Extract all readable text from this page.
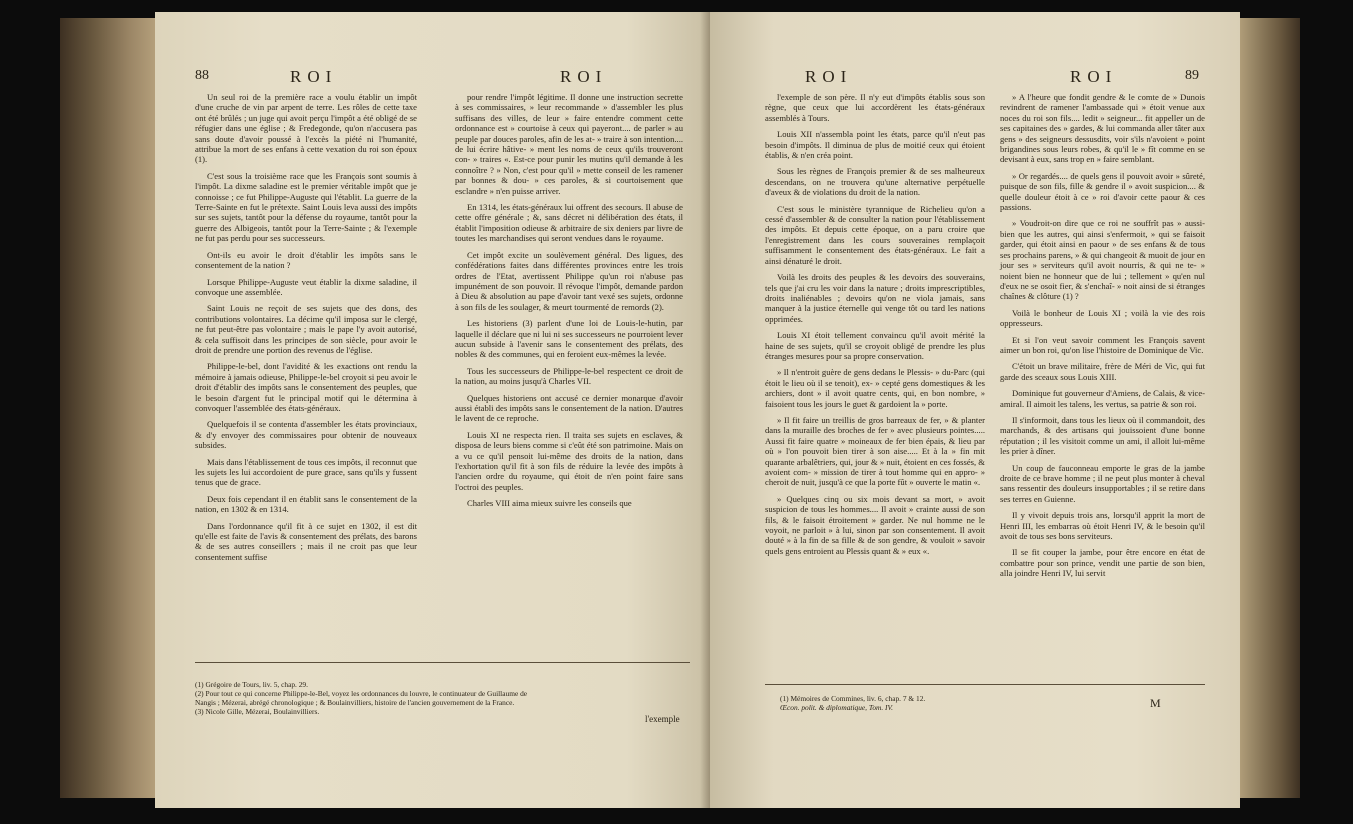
88	ROI	ROI

Un seul roi de la première race a voulu établir un impôt d'une cruche de vin par arpent de terre. Les rôles de cette taxe ont été brûlés ; un juge qui avoit perçu l'impôt a été obligé de se réfugier dans une église ; & Fredegonde, qu'on n'accusera pas sans doute d'avoir poussé à l'excès la piété ni l'humanité, attribue la mort de ses enfans à cette vexation du roi son époux (1).

C'est sous la troisième race que les François sont soumis à l'impôt. La dixme saladine est le premier véritable impôt que je connoisse ; ce fut Philippe-Auguste qui l'établit. La guerre de la Terre-Sainte en fut le prétexte. Saint Louis leva aussi des impôts sur ses sujets, tantôt pour la défense du royaume, tantôt pour la guerre des Albigeois, tantôt pour la Terre-Sainte ; & l'exemple ne fut pas perdu pour ses successeurs.

Ont-ils eu avoir le droit d'établir les impôts sans le consentement de la nation ?

Lorsque Philippe-Auguste veut établir la dixme saladine, il convoque une assemblée.

Saint Louis ne reçoit de ses sujets que des dons, des contributions volontaires. La décime qu'il imposa sur le clergé, ne fut peut-être pas volontaire ; mais le pape l'y avoit autorisé, & cela suffisoit dans les principes de son siècle, pour avoir le droit de prendre une portion des revenus de l'église.

Philippe-le-bel, dont l'avidité & les exactions ont rendu la mémoire à jamais odieuse, Philippe-le-bel croyoit si peu avoir le droit d'établir des impôts sans le consentement des peuples, que le besoin d'argent fut le principal motif qui le détermina à convoquer l'assemblée des états-généraux.

Quelquefois il se contenta d'assembler les états provinciaux, & d'y envoyer des commissaires pour obtenir de nouveaux subsides.

Mais dans l'établissement de tous ces impôts, il reconnut que les sujets les lui accordoient de pure grace, sans qu'ils y fussent tenus que de grace.

Deux fois cependant il en établit sans le consentement de la nation, en 1302 & en 1314.

Dans l'ordonnance qu'il fit à ce sujet en 1302, il est dit qu'elle est faite de l'avis & consentement des prélats, des barons & de ses autres conseillers ; mais il ne croit pas que leur consentement suffise

pour rendre l'impôt légitime. Il donne une instruction secrette à ses commissaires, » leur recommande » d'assembler les plus suffisans des villes, de leur » faire entendre comment cette ordonnance est » courtoise à ceux qui payeront.... de parler » au peuple par douces paroles, afin de les at- » traire à son intention.... de lui écrire hâtive- » ment les noms de ceux qu'ils trouveront con- » traires «. Est-ce pour punir les mutins qu'il demande à les connoître ? » Non, c'est pour qu'il » mette conseil de les ramener par bonnes & dou- » ces paroles, & si courtoisement que esclandre » n'en puisse arriver.

En 1314, les états-généraux lui offrent des secours. Il abuse de cette offre générale ; &, sans décret ni délibération des états, il établit l'imposition odieuse & arbitraire de six deniers par livre de toutes les marchandises qui seront vendues dans le royaume.

Cet impôt excite un soulèvement général. Des ligues, des confédérations faites dans différentes provinces entre les trois ordres de l'Etat, avertissent Philippe qu'un roi n'abuse pas impunément de son pouvoir. Il révoque l'impôt, demande pardon à Dieu & absolution au pape d'avoir tant vexé ses sujets, ordonne à son fils de les soulager, & meurt tourmenté de remords (2).

Les historiens (3) parlent d'une loi de Louis-le-hutin, par laquelle il déclare que ni lui ni ses successeurs ne pourroient lever aucun subside à l'avenir sans le consentement des prélats, des nobles & des communes, qui en feroient eux-mêmes la levée.

Tous les successeurs de Philippe-le-bel respectent ce droit de la nation, au moins jusqu'à Charles VII.

Quelques historiens ont accusé ce dernier monarque d'avoir aussi établi des impôts sans le consentement de la nation. D'autres le lavent de ce reproche.

Louis XI ne respecta rien. Il traita ses sujets en esclaves, & disposa de leurs biens comme si c'eût été son patrimoine. Mais on a vu ce qu'il pensoit lui-même des droits de la nation, dans l'exhortation qu'il fit à son fils de réduire la levée des impôts à l'ancien ordre du royaume, qui étoit de n'en point faire sans l'octroi des peuples.

Charles VIII aima mieux suivre les conseils que

(1) Grégoire de Tours, liv. 5, chap. 29.
(2) Pour tout ce qui concerne Philippe-le-Bel, voyez les ordonnances du louvre, le continuateur de Guillaume de
Nangis ; Mézerai, abrégé chronologique ; & Boulainvilliers, histoire de l'ancien gouvernement de la France.
(3) Nicole Gille, Mézerai, Boulainvilliers.
l'exemple
ROI	ROI	89

l'exemple de son père. Il n'y eut d'impôts établis sous son règne, que ceux que lui accordèrent les états-généraux assemblés à Tours.

Louis XII n'assembla point les états, parce qu'il n'eut pas besoin d'impôts. Il diminua de plus de moitié ceux qui étoient établis, & n'en créa point.

Sous les règnes de François premier & de ses malheureux descendans, on ne trouvera qu'une alternative perpétuelle d'aveux & de violations du droit de la nation.

C'est sous le ministère tyrannique de Richelieu qu'on a cessé d'assembler & de consulter la nation pour l'établissement des impôts. Et depuis cette époque, on a paru croire que l'enregistrement dans les cours souveraines remplaçoit suffisamment le consentement des états-généraux. Le fait a ainsi dénaturé le droit.

Voilà les droits des peuples & les devoirs des souverains, tels que j'ai cru les voir dans la nature ; droits imprescriptibles, droits inaliénables ; devoirs qu'on ne viola jamais, sans manquer à la justice éternelle qui venge tôt ou tard les nations opprimées.

Louis XI étoit tellement convaincu qu'il avoit mérité la haine de ses sujets, qu'il se croyoit obligé de prendre les plus étranges mesures pour sa propre conservation.

» Il n'entroit guère de gens dedans le Plessis- » du-Parc (qui étoit le lieu où il se tenoit), ex- » cepté gens domestiques & les archiers, dont » il avoit quatre cents, qui, en bon nombre, » faisoient tous les jours le guet & gardoient la » porte.

» Il fit faire un treillis de gros barreaux de fer, » & planter dans la muraille des broches de fer » avec plusieurs pointes..... Aussi fit faire quatre » moineaux de fer bien épais, & lieu par où » l'on pouvoit bien tirer à son aise..... Et à la » fin mit quarante arbalêtriers, qui, jour & » nuit, étoient en ces fossés, & avoient com- » mission de tirer à tout homme qui en appro- » cheroit de nuit, jusqu'à ce que la porte fût » ouverte le matin «.

» Quelques cinq ou six mois devant sa mort, » avoit suspicion de tous les hommes.... Il avoit » crainte aussi de son fils, & le faisoit étroitement » garder. Ne nul homme ne le voyoit, ne parloit » à lui, sinon par son consentement. Il avoit douté » à la fin de sa fille & de son gendre, & vouloit » savoir quels gens entroient au Plessis quant & » eux «.

» A l'heure que fondit gendre & le comte de » Dunois revindrent de ramener l'ambassade qui » étoit venue aux noces du roi son fils.... ledit » seigneur... fit appeller un de ses capitaines des » gardes, & lui commanda aller tâter aux gens » des seigneurs dessusdits, voir s'ils n'avoient » point brigandines sous leurs robes, & qu'il le » fît comme en se devisant à eux, sans trop en » faire semblant.

» Or regardés.... de quels gens il pouvoit avoir » sûreté, puisque de son fils, fille & gendre il » avoit suspicion.... & quelle douleur étoit à ce » roi d'avoir cette paour & ces passions.

» Voudroit-on dire que ce roi ne souffrît pas » aussi-bien que les autres, qui ainsi s'enfermoit, » qui se faisoit garder, qui étoit ainsi en paour » de ses enfans & de tous ses prochains parens, » & qui changeoit & muoit de jour en jour ses » serviteurs qu'il avoit nourris, & qui ne te- » noient bien ne honneur que de lui ; tellement » qu'en nul d'eux ne se osoit fier, & s'enchaî- » noit ainsi de si étranges chaînes & clôture (1) ?

Voilà le bonheur de Louis XI ; voilà la vie des rois oppresseurs.

Et si l'on veut savoir comment les François savent aimer un bon roi, qu'on lise l'histoire de Dominique de Vic.

C'étoit un brave militaire, frère de Méri de Vic, qui fut garde des sceaux sous Louis XIII.

Dominique fut gouverneur d'Amiens, de Calais, & vice-amiral. Il aimoit les talens, les vertus, sa patrie & son roi.

Il s'informoit, dans tous les lieux où il commandoit, des marchands, & des artisans qui jouissoient d'une bonne réputation ; il les visitoit comme un ami, il alloit lui-même les prier à dîner.

Un coup de fauconneau emporte le gras de la jambe droite de ce brave homme ; il ne peut plus monter à cheval sans ressentir des douleurs insupportables ; il se retire dans ses terres en Guienne.

Il y vivoit depuis trois ans, lorsqu'il apprit la mort de Henri III, les embarras où étoit Henri IV, & le besoin qu'il avoit de tous ses bons serviteurs.

Il se fit couper la jambe, pour être encore en état de combattre pour son prince, vendit une partie de son bien, alla joindre Henri IV, lui servit

(1) Mémoires de Commines, liv. 6, chap. 7 & 12.
Œcon. polit. & diplomatique, Tom. IV.	M
